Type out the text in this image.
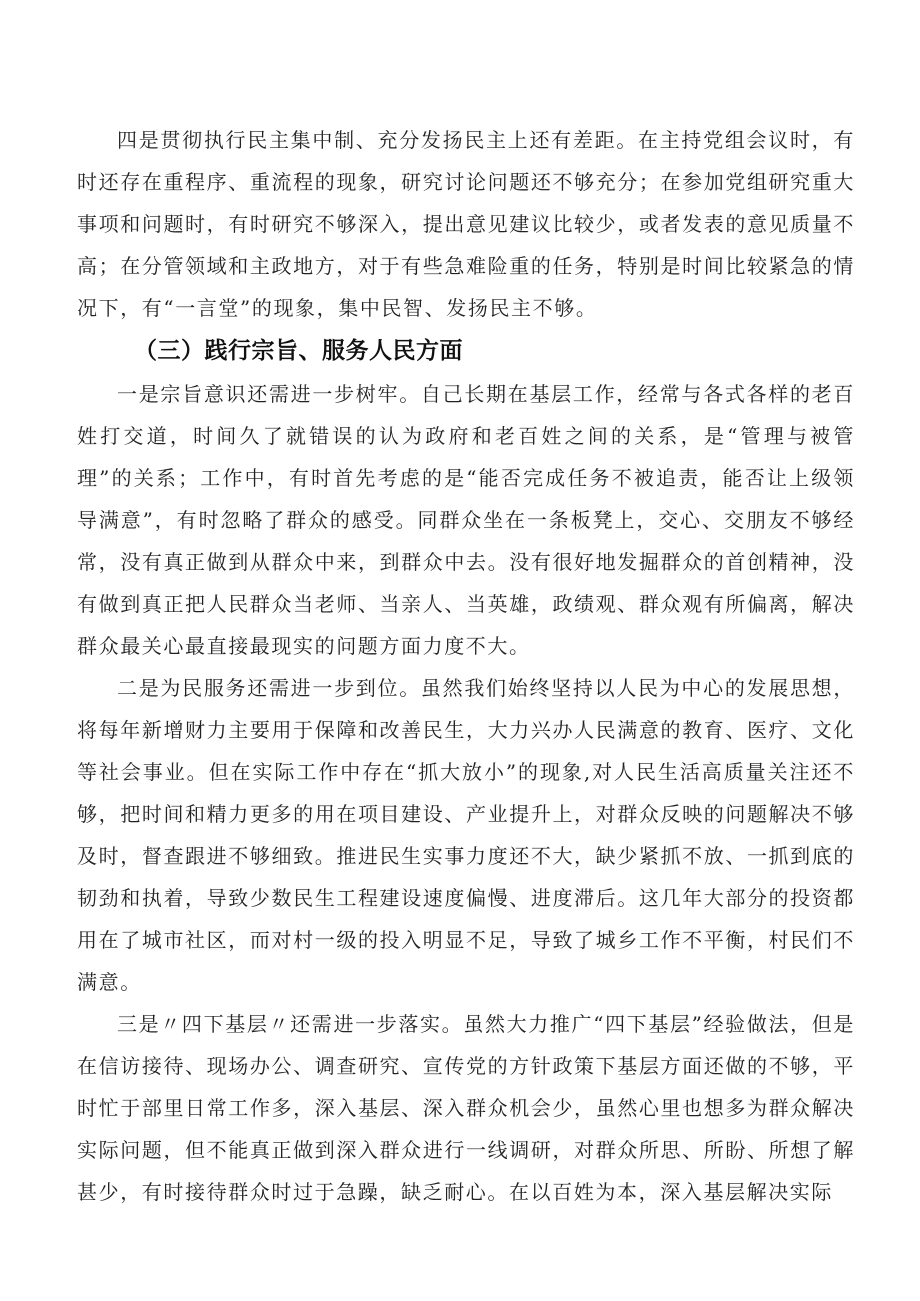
四是贯彻执行民主集中制、充分发扬民主上还有差距。在主持党组会议时，有时还存在重程序、重流程的现象，研究讨论问题还不够充分；在参加党组研究重大事项和问题时，有时研究不够深入，提出意见建议比较少，或者发表的意见质量不高；在分管领域和主政地方，对于有些急难险重的任务，特别是时间比较紧急的情况下，有“一言堂”的现象，集中民智、发扬民主不够。

（三）践行宗旨、服务人民方面

一是宗旨意识还需进一步树牢。自己长期在基层工作，经常与各式各样的老百姓打交道，时间久了就错误的认为政府和老百姓之间的关系，是“管理与被管理”的关系；工作中，有时首先考虑的是“能否完成任务不被追责，能否让上级领导满意”，有时忽略了群众的感受。同群众坐在一条板凳上，交心、交朋友不够经常，没有真正做到从群众中来，到群众中去。没有很好地发掘群众的首创精神，没有做到真正把人民群众当老师、当亲人、当英雄，政绩观、群众观有所偏离，解决群众最关心最直接最现实的问题方面力度不大。

二是为民服务还需进一步到位。虽然我们始终坚持以人民为中心的发展思想，将每年新增财力主要用于保障和改善民生，大力兴办人民满意的教育、医疗、文化等社会事业。但在实际工作中存在“抓大放小”的现象,对人民生活高质量关注还不够，把时间和精力更多的用在项目建设、产业提升上，对群众反映的问题解决不够及时，督查跟进不够细致。推进民生实事力度还不大，缺少紧抓不放、一抓到底的韧劲和执着，导致少数民生工程建设速度偏慢、进度滞后。这几年大部分的投资都用在了城市社区，而对村一级的投入明显不足，导致了城乡工作不平衡，村民们不满意。

三是〃四下基层〃还需进一步落实。虽然大力推广“四下基层”经验做法，但是在信访接待、现场办公、调查研究、宣传党的方针政策下基层方面还做的不够，平时忙于部里日常工作多，深入基层、深入群众机会少，虽然心里也想多为群众解决实际问题，但不能真正做到深入群众进行一线调研，对群众所思、所盼、所想了解甚少，有时接待群众时过于急躁，缺乏耐心。在以百姓为本，深入基层解决实际
